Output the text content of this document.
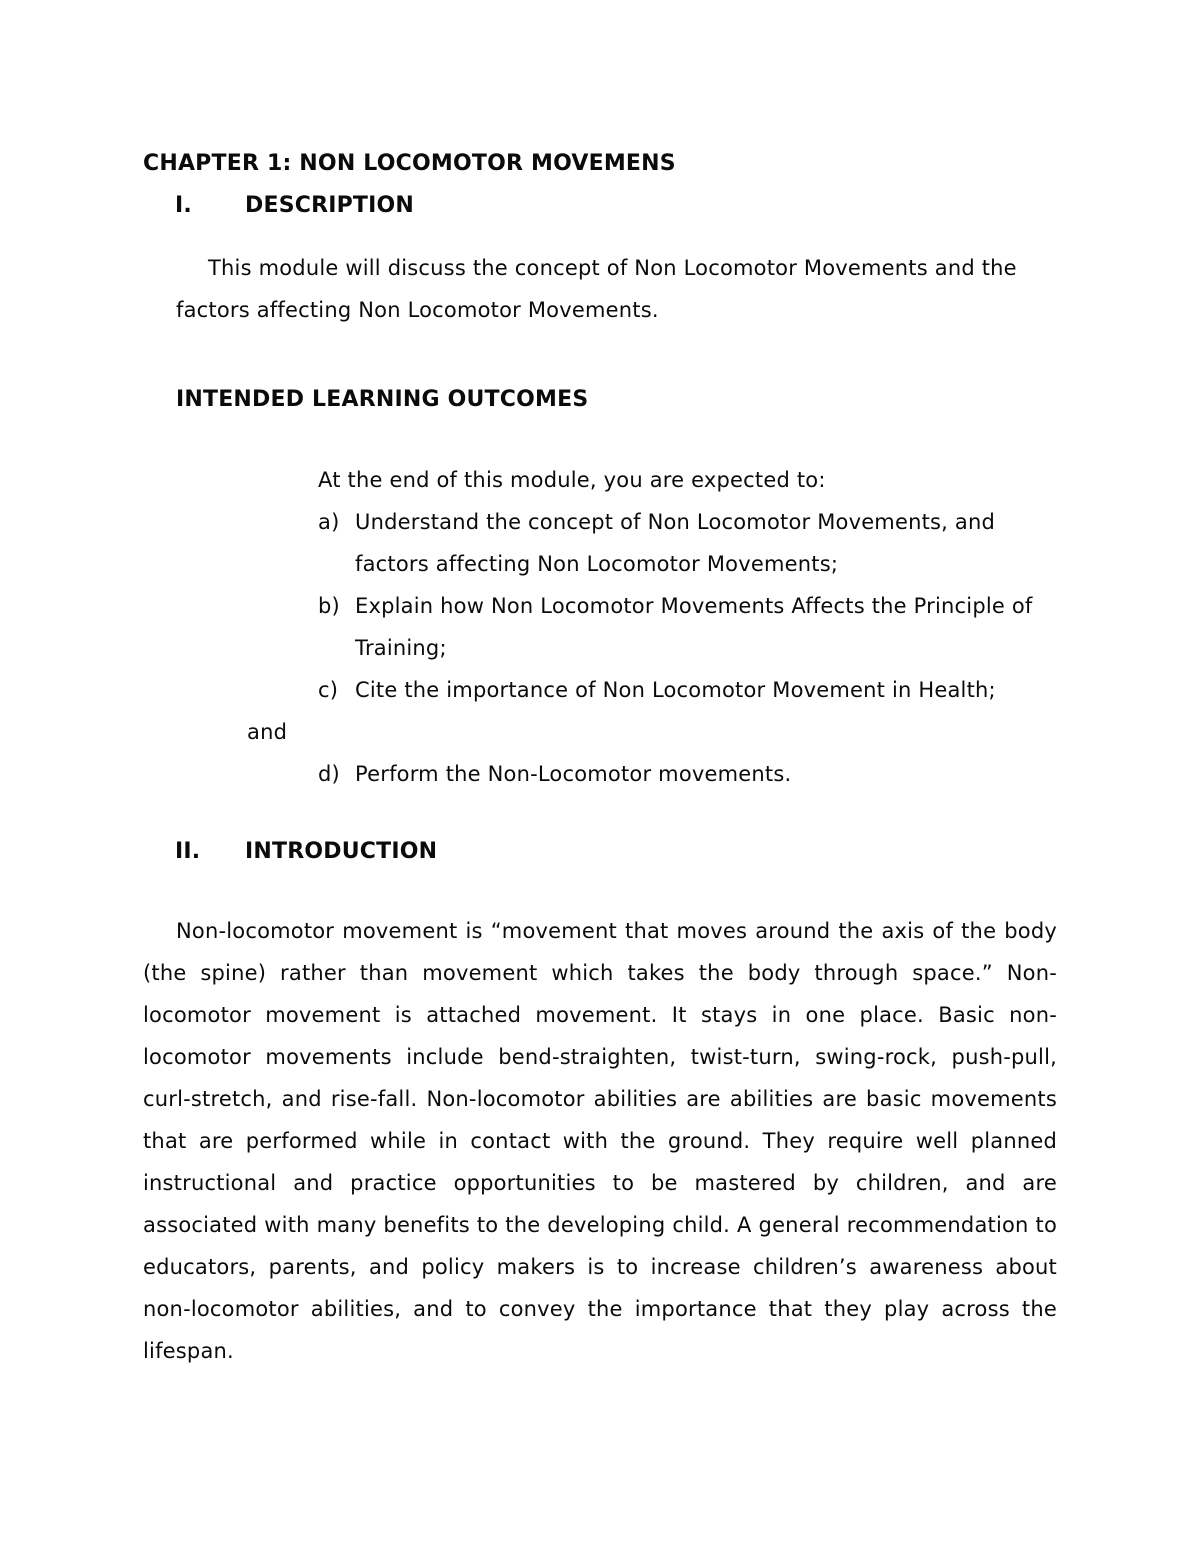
CHAPTER 1: NON LOCOMOTOR MOVEMENS
I.	DESCRIPTION

This module will discuss the concept of Non Locomotor Movements and the factors affecting Non Locomotor Movements.

INTENDED LEARNING OUTCOMES
At the end of this module, you are expected to:
a) Understand the concept of Non Locomotor Movements, and factors affecting Non Locomotor Movements;
b) Explain how Non Locomotor Movements Affects the Principle of Training;
c) Cite the importance of Non Locomotor Movement in Health;
and
d) Perform the Non-Locomotor movements.
II.	INTRODUCTION

Non-locomotor movement is “movement that moves around the axis of the body (the spine) rather than movement which takes the body through space.” Non-locomotor movement is attached movement. It stays in one place. Basic non-locomotor movements include bend-straighten, twist-turn, swing-rock, push-pull, curl-stretch, and rise-fall. Non-locomotor abilities are abilities are basic movements that are performed while in contact with the ground. They require well planned instructional and practice opportunities to be mastered by children, and are associated with many benefits to the developing child. A general recommendation to educators, parents, and policy makers is to increase children’s awareness about non-locomotor abilities, and to convey the importance that they play across the lifespan.
